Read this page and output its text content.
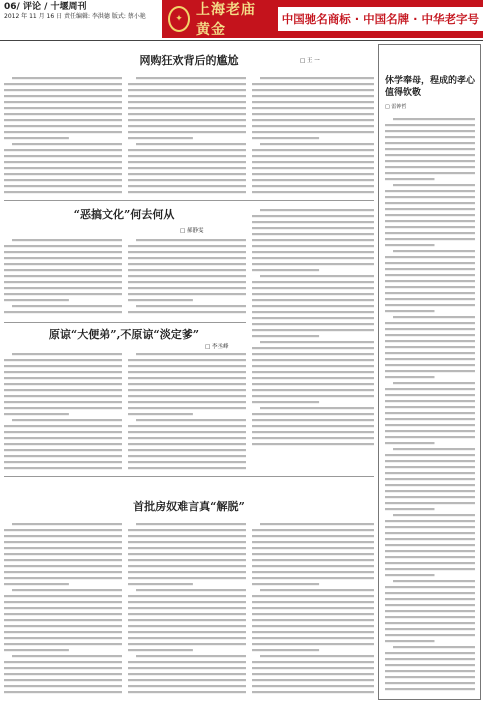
06/ 评论 / 十堰周刊
2012 年 11 月 16 日 责任编辑: 李洪德 版式: 蔡小艳	✦
上海老庙黄金
中国驰名商标 · 中国名牌 · 中华老字号
网购狂欢背后的尴尬	□ 王 一
“恶搞文化”何去何从
□ 郝静雯
原谅“大便弟”,不原谅“淡定爹”
□ 李丞峰
首批房奴难言真“解脱”
休学奉母，程成的孝心值得钦敬
□ 雷钟哲
